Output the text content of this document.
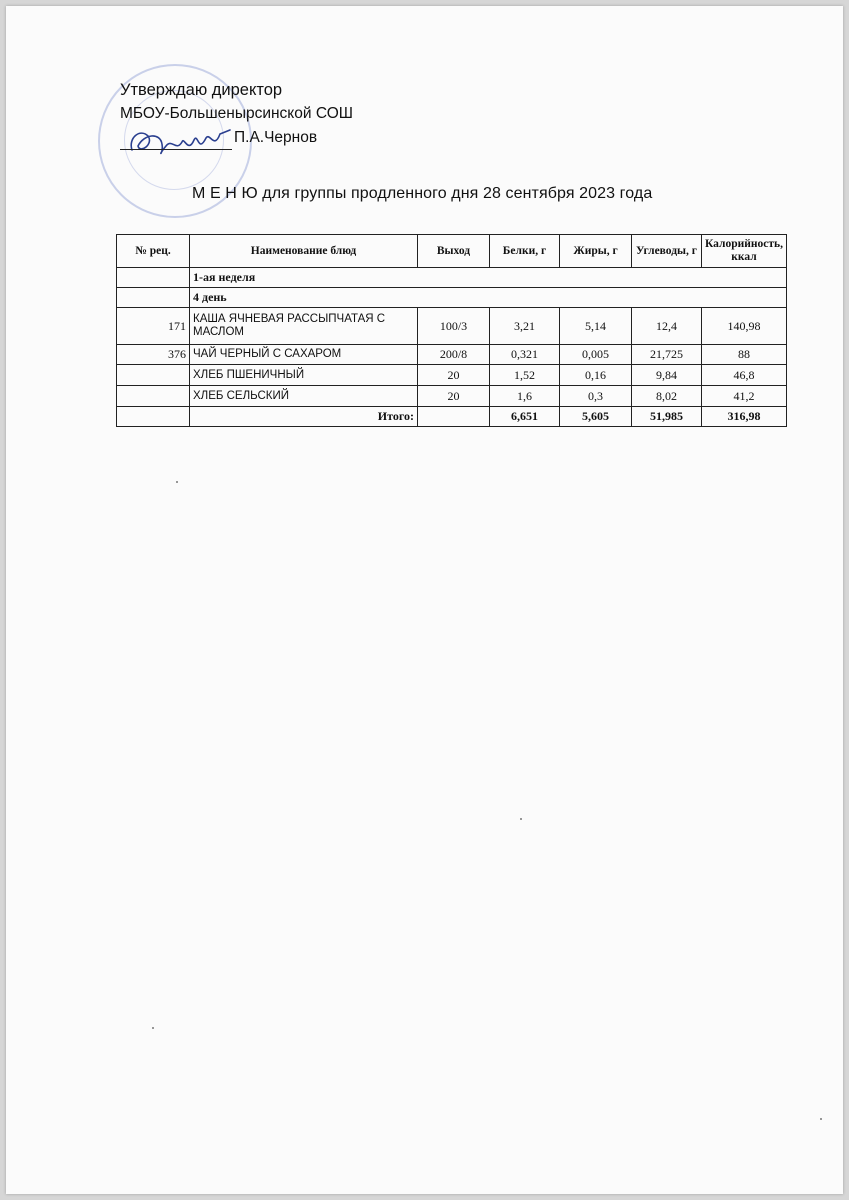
Утверждаю директор
МБОУ-Большенырсинской СОШ
П.А.Чернов
М Е Н Ю для группы продленного дня 28 сентября 2023 года
№ рец.	Наименование блюд	Выход	Белки, г	Жиры, г	Углеводы, г	Калорийность, ккал
	1-ая неделя					
	4 день					
171	КАША ЯЧНЕВАЯ РАССЫПЧАТАЯ С МАСЛОМ	100/3	3,21	5,14	12,4	140,98
376	ЧАЙ ЧЕРНЫЙ С САХАРОМ	200/8	0,321	0,005	21,725	88
	ХЛЕБ ПШЕНИЧНЫЙ	20	1,52	0,16	9,84	46,8
	ХЛЕБ СЕЛЬСКИЙ	20	1,6	0,3	8,02	41,2
	Итого:		6,651	5,605	51,985	316,98
